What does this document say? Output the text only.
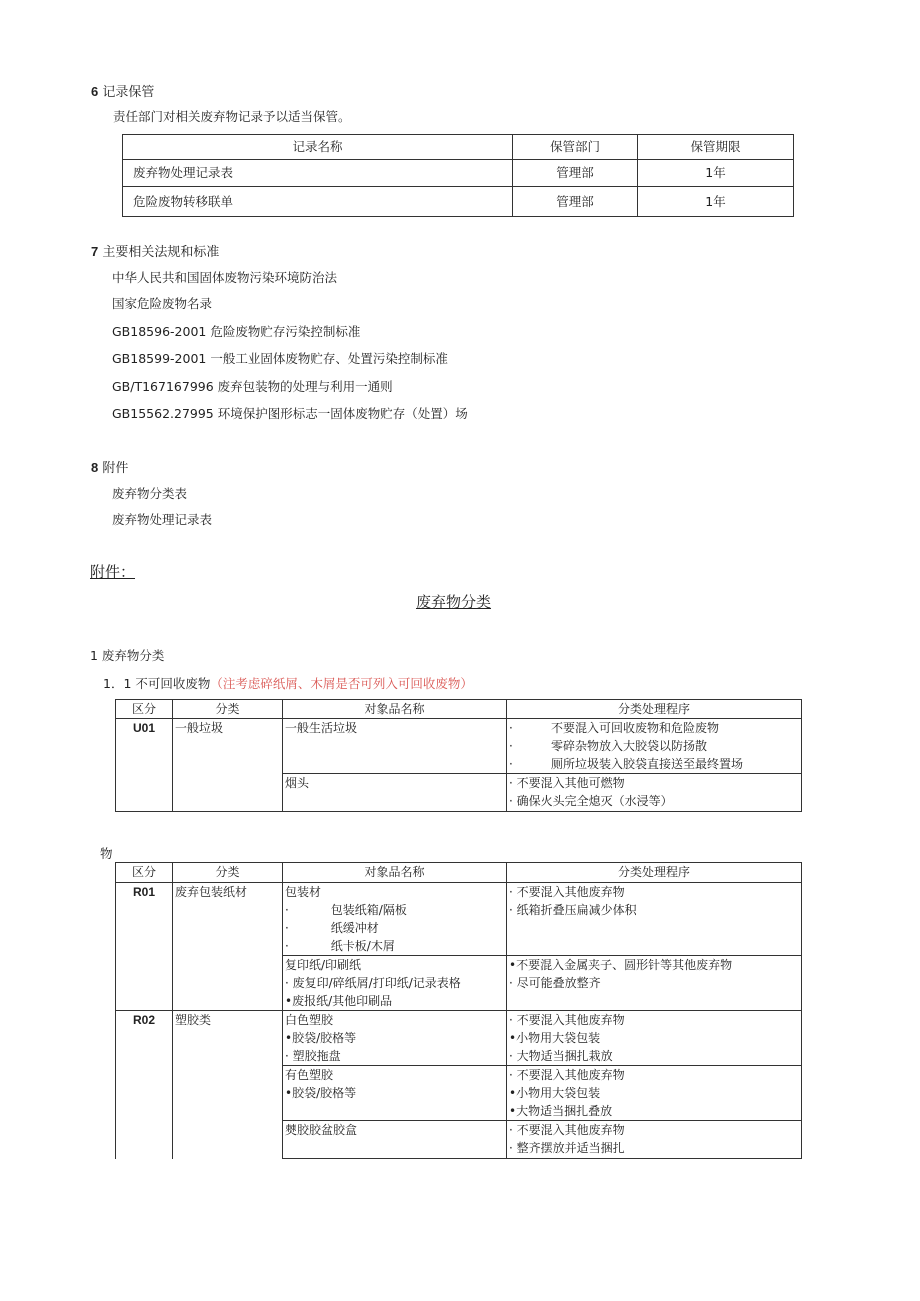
6 记录保管
责任部门对相关废弃物记录予以适当保管。
记录名称	保管部门	保管期限
废弃物处理记录表	管理部	1年
危险废物转移联单	管理部	1年
7 主要相关法规和标准
中华人民共和国固体废物污染环境防治法
国家危险废物名录
GB18596-2001 危险废物贮存污染控制标准
GB18599-2001 一般工业固体废物贮存、处置污染控制标准
GB/T167167996 废弃包装物的处理与利用一通则
GB15562.27995 环境保护图形标志一固体废物贮存（处置）场
8 附件
废弃物分类表
废弃物处理记录表
附件：
废弃物分类
1 废弃物分类
1．1 不可回收废物（注考虑碎纸屑、木屑是否可列入可回收废物）
区分	分类	对象品名称	分类处理程序
U01	一般垃圾	一般生活垃圾	·          不要混入可回收废物和危险废物
·          零碎杂物放入大胶袋以防扬散
·          厕所垃圾装入胶袋直接送至最终置场

		烟头	· 不要混入其他可燃物
· 确保火头完全熄灭（水浸等）
物
区分	分类	对象品名称	分类处理程序
R01	废弃包装纸材	包装材
·           包装纸箱/隔板
·           纸缓冲材
·           纸卡板/木屑	· 不要混入其他废弃物
· 纸箱折叠压扁减少体积

		复印纸/印刷纸
· 废复印/碎纸屑/打印纸/记录表格
•废报纸/其他印刷品	•不要混入金属夹子、圆形针等其他废弃物
· 尽可能叠放整齐

R02	塑胶类	白色塑胶
•胶袋/胶格等
· 塑胶拖盘	· 不要混入其他废弃物
•小物用大袋包装
· 大物适当捆扎栽放

		有色塑胶
•胶袋/胶格等	· 不要混入其他废弃物
•小物用大袋包装
•大物适当捆扎叠放

		僰胶胶盆胶盒	· 不要混入其他废弃物
· 整齐摆放并适当捆扎
